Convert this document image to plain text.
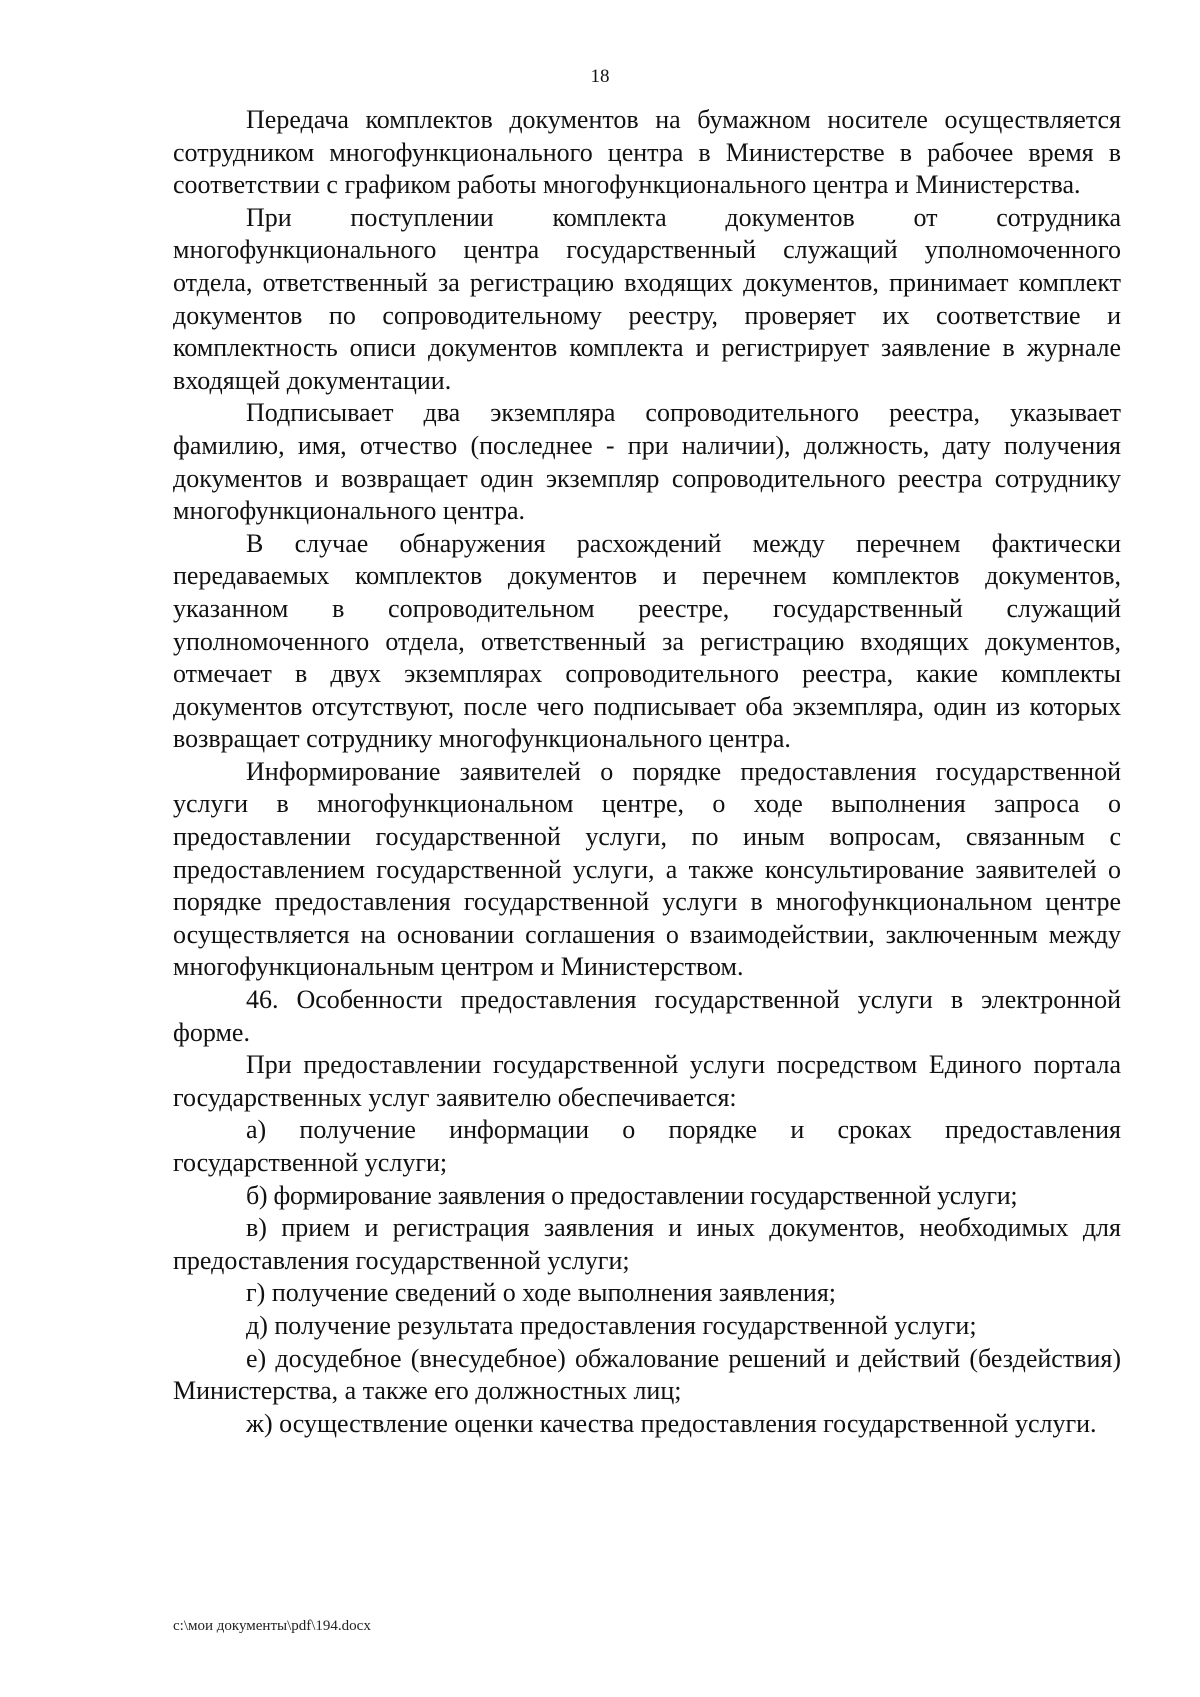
18

Передача комплектов документов на бумажном носителе осуществляется сотрудником многофункционального центра в Министерстве в рабочее время в соответствии с графиком работы многофункционального центра и Министерства.

При поступлении комплекта документов от сотрудника многофункционального центра государственный служащий уполномоченного отдела, ответственный за регистрацию входящих документов, принимает комплект документов по сопроводительному реестру, проверяет их соответствие и комплектность описи документов комплекта и регистрирует заявление в журнале входящей документации.

Подписывает два экземпляра сопроводительного реестра, указывает фамилию, имя, отчество (последнее - при наличии), должность, дату получения документов и возвращает один экземпляр сопроводительного реестра сотруднику многофункционального центра.

В случае обнаружения расхождений между перечнем фактически передаваемых комплектов документов и перечнем комплектов документов, указанном в сопроводительном реестре, государственный служащий уполномоченного отдела, ответственный за регистрацию входящих документов, отмечает в двух экземплярах сопроводительного реестра, какие комплекты документов отсутствуют, после чего подписывает оба экземпляра, один из которых возвращает сотруднику многофункционального центра.

Информирование заявителей о порядке предоставления государственной услуги в многофункциональном центре, о ходе выполнения запроса о предоставлении государственной услуги, по иным вопросам, связанным с предоставлением государственной услуги, а также консультирование заявителей о порядке предоставления государственной услуги в многофункциональном центре осуществляется на основании соглашения о взаимодействии, заключенным между многофункциональным центром и Министерством.

46. Особенности предоставления государственной услуги в электронной форме.

При предоставлении государственной услуги посредством Единого портала государственных услуг заявителю обеспечивается:

а) получение информации о порядке и сроках предоставления государственной услуги;

б) формирование заявления о предоставлении государственной услуги;

в) прием и регистрация заявления и иных документов, необходимых для предоставления государственной услуги;

г) получение сведений о ходе выполнения заявления;

д) получение результата предоставления государственной услуги;

е) досудебное (внесудебное) обжалование решений и действий (бездействия) Министерства, а также его должностных лиц;

ж) осуществление оценки качества предоставления государственной услуги.

c:\мои документы\pdf\194.docx
